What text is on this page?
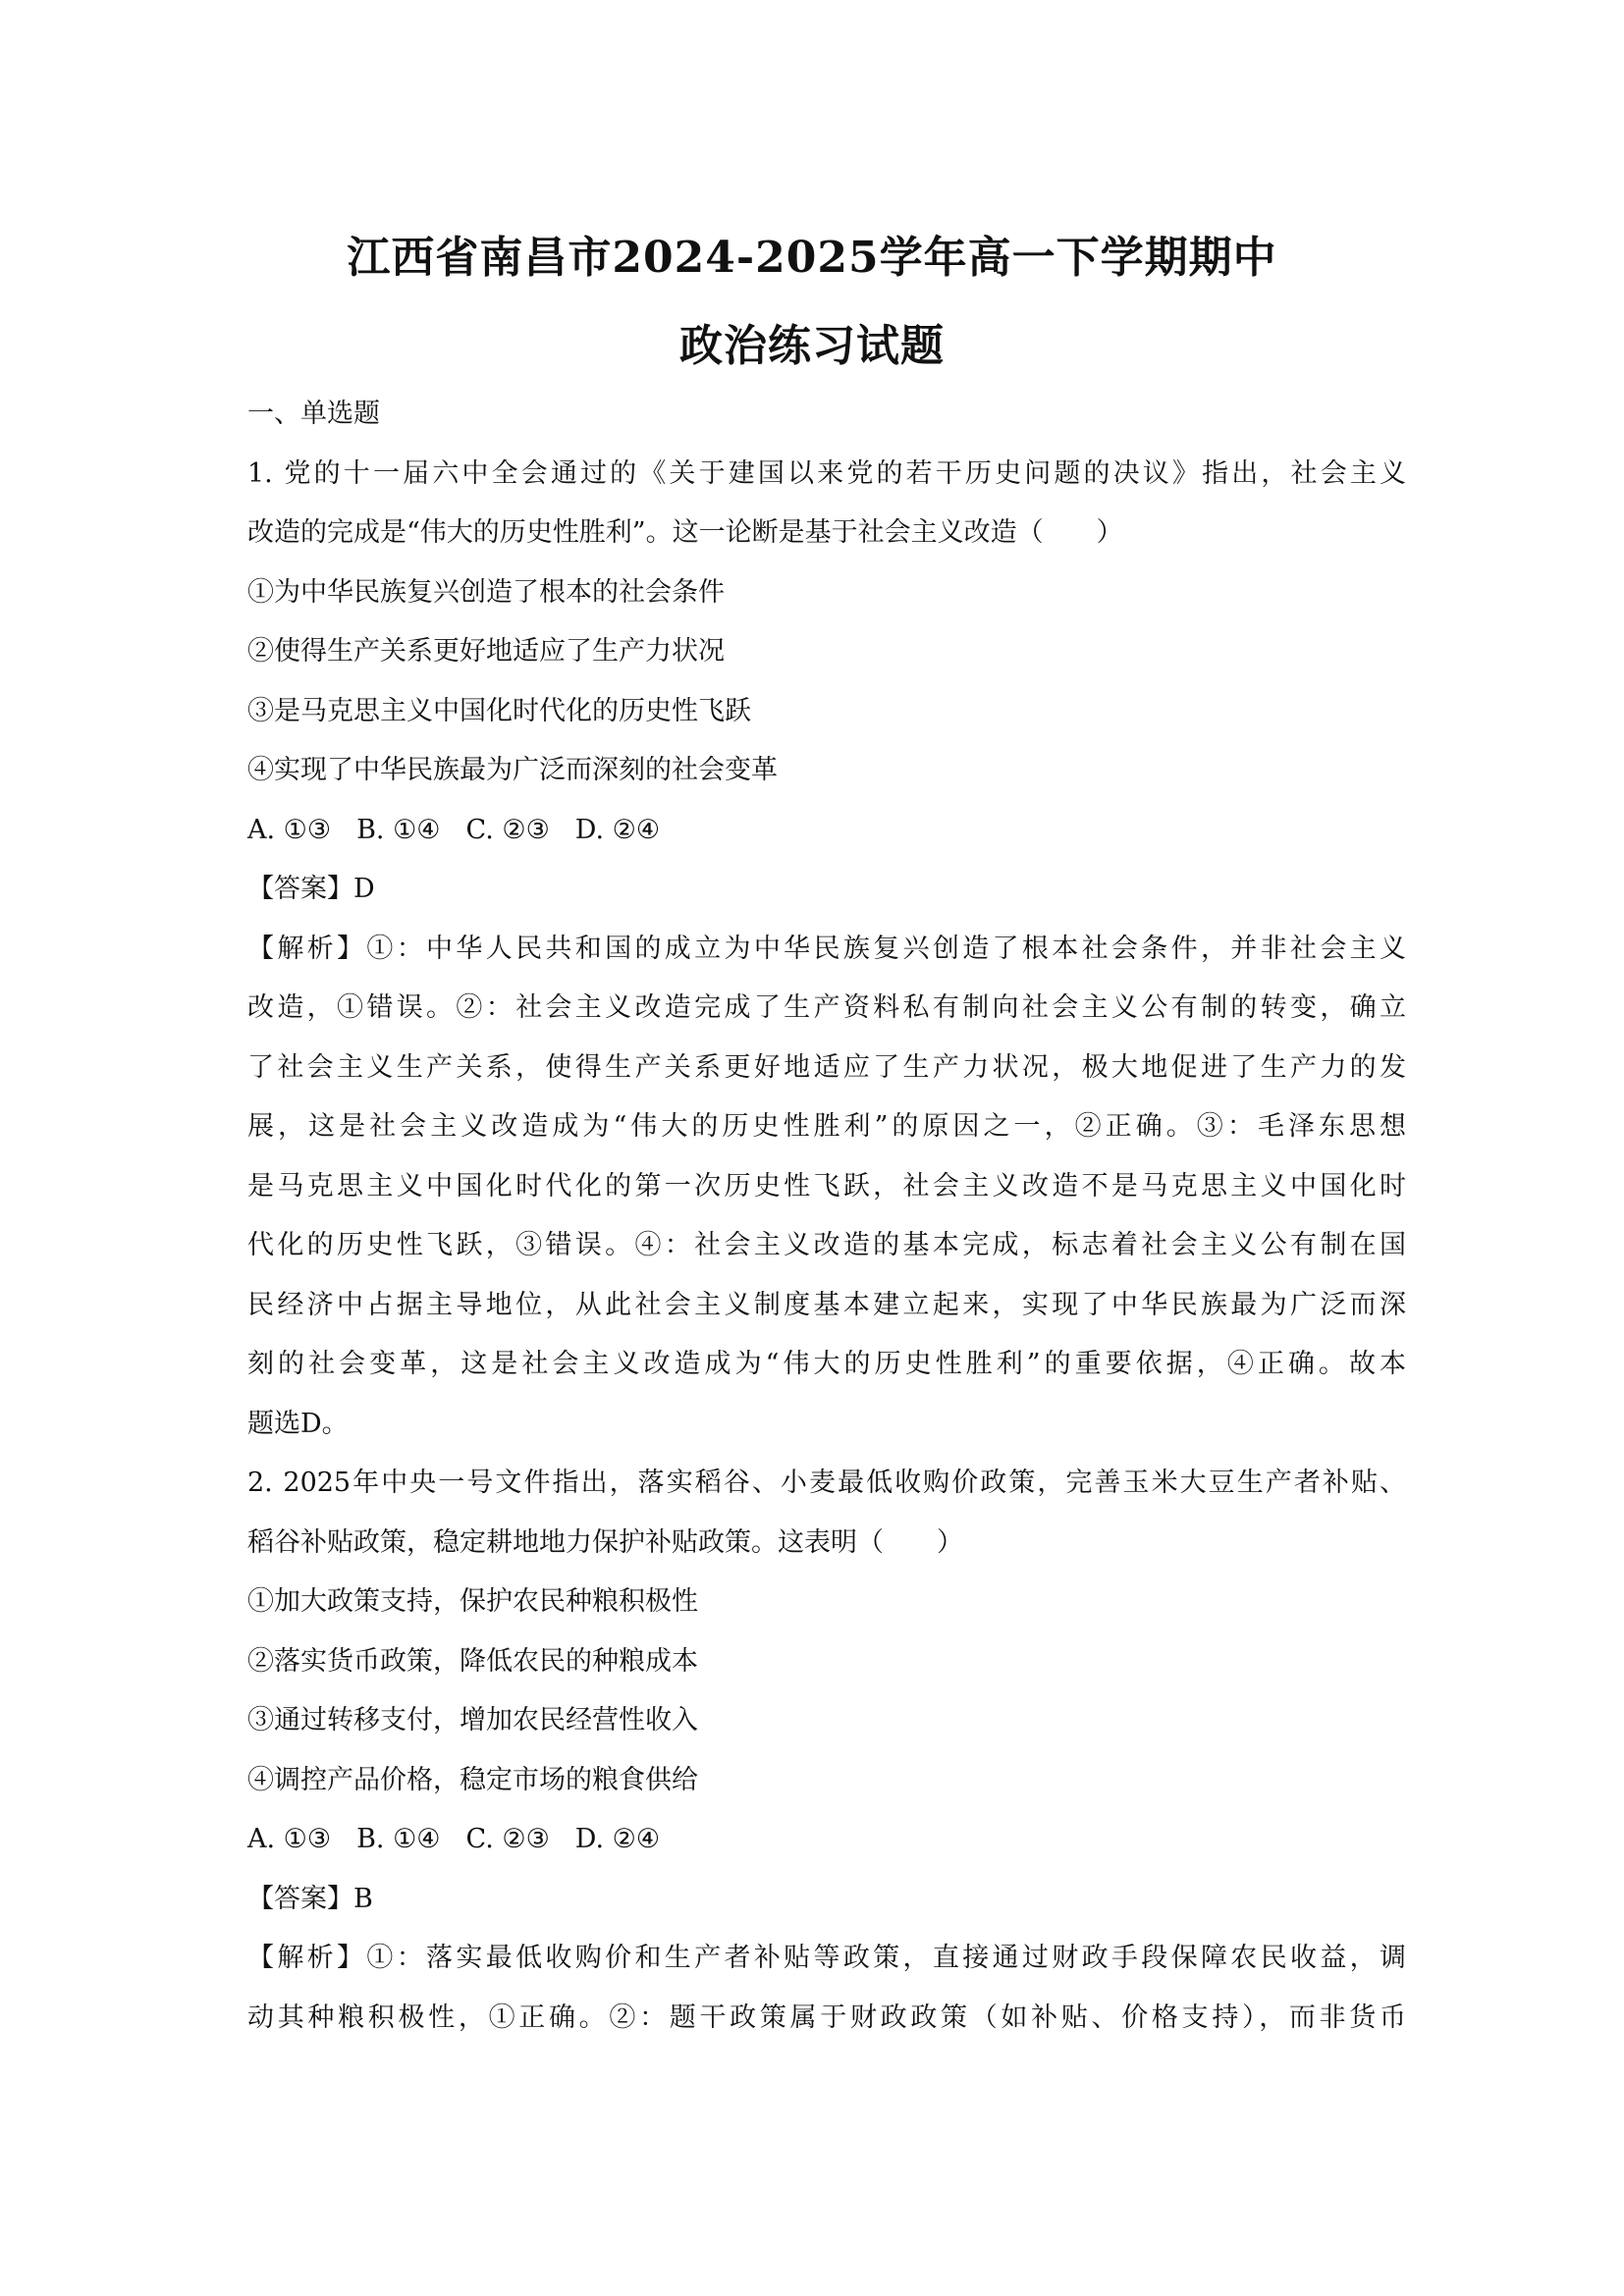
江西省南昌市2024-2025学年高一下学期期中
政治练习试题
一、单选题
1. 党的十一届六中全会通过的《关于建国以来党的若干历史问题的决议》指出，社会主义
改造的完成是“伟大的历史性胜利”。这一论断是基于社会主义改造（　　）
①为中华民族复兴创造了根本的社会条件
②使得生产关系更好地适应了生产力状况
③是马克思主义中国化时代化的历史性飞跃
④实现了中华民族最为广泛而深刻的社会变革
A. ①③ B. ①④ C. ②③ D. ②④
【答案】D
【解析】①：中华人民共和国的成立为中华民族复兴创造了根本社会条件，并非社会主义
改造，①错误。②：社会主义改造完成了生产资料私有制向社会主义公有制的转变，确立
了社会主义生产关系，使得生产关系更好地适应了生产力状况，极大地促进了生产力的发
展，这是社会主义改造成为“伟大的历史性胜利”的原因之一，②正确。③：毛泽东思想
是马克思主义中国化时代化的第一次历史性飞跃，社会主义改造不是马克思主义中国化时
代化的历史性飞跃，③错误。④：社会主义改造的基本完成，标志着社会主义公有制在国
民经济中占据主导地位，从此社会主义制度基本建立起来，实现了中华民族最为广泛而深
刻的社会变革，这是社会主义改造成为“伟大的历史性胜利”的重要依据，④正确。故本
题选D。
2. 2025年中央一号文件指出，落实稻谷、小麦最低收购价政策，完善玉米大豆生产者补贴、
稻谷补贴政策，稳定耕地地力保护补贴政策。这表明（　　）
①加大政策支持，保护农民种粮积极性
②落实货币政策，降低农民的种粮成本
③通过转移支付，增加农民经营性收入
④调控产品价格，稳定市场的粮食供给
A. ①③ B. ①④ C. ②③ D. ②④
【答案】B
【解析】①：落实最低收购价和生产者补贴等政策，直接通过财政手段保障农民收益，调
动其种粮积极性，①正确。②：题干政策属于财政政策（如补贴、价格支持），而非货币
